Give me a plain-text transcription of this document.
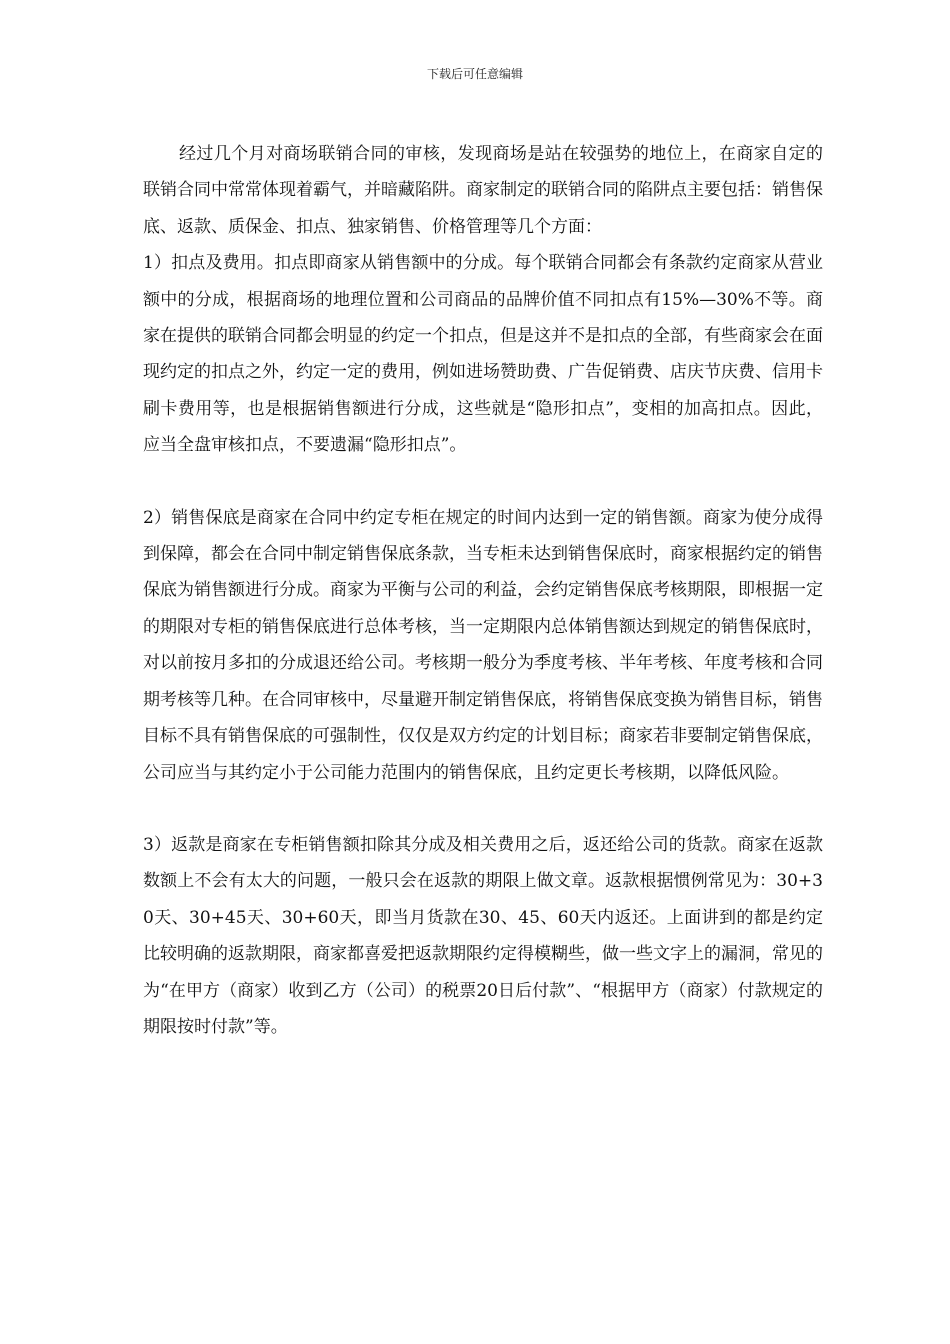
下载后可任意编辑

经过几个月对商场联销合同的审核，发现商场是站在较强势的地位上，在商家自定的联销合同中常常体现着霸气，并暗藏陷阱。商家制定的联销合同的陷阱点主要包括：销售保底、返款、质保金、扣点、独家销售、价格管理等几个方面：

1）扣点及费用。扣点即商家从销售额中的分成。每个联销合同都会有条款约定商家从营业额中的分成，根据商场的地理位置和公司商品的品牌价值不同扣点有15%—30%不等。商家在提供的联销合同都会明显的约定一个扣点，但是这并不是扣点的全部，有些商家会在面现约定的扣点之外，约定一定的费用，例如进场赞助费、广告促销费、店庆节庆费、信用卡刷卡费用等，也是根据销售额进行分成，这些就是“隐形扣点”，变相的加高扣点。因此，应当全盘审核扣点，不要遗漏“隐形扣点”。

2）销售保底是商家在合同中约定专柜在规定的时间内达到一定的销售额。商家为使分成得到保障，都会在合同中制定销售保底条款，当专柜未达到销售保底时，商家根据约定的销售保底为销售额进行分成。商家为平衡与公司的利益，会约定销售保底考核期限，即根据一定的期限对专柜的销售保底进行总体考核，当一定期限内总体销售额达到规定的销售保底时，对以前按月多扣的分成退还给公司。考核期一般分为季度考核、半年考核、年度考核和合同期考核等几种。在合同审核中，尽量避开制定销售保底，将销售保底变换为销售目标，销售目标不具有销售保底的可强制性，仅仅是双方约定的计划目标；商家若非要制定销售保底，公司应当与其约定小于公司能力范围内的销售保底，且约定更长考核期，以降低风险。

3）返款是商家在专柜销售额扣除其分成及相关费用之后，返还给公司的货款。商家在返款数额上不会有太大的问题，一般只会在返款的期限上做文章。返款根据惯例常见为：30+30天、30+45天、30+60天，即当月货款在30、45、60天内返还。上面讲到的都是约定比较明确的返款期限，商家都喜爱把返款期限约定得模糊些，做一些文字上的漏洞，常见的为“在甲方（商家）收到乙方（公司）的税票20日后付款”、“根据甲方（商家）付款规定的期限按时付款”等。
